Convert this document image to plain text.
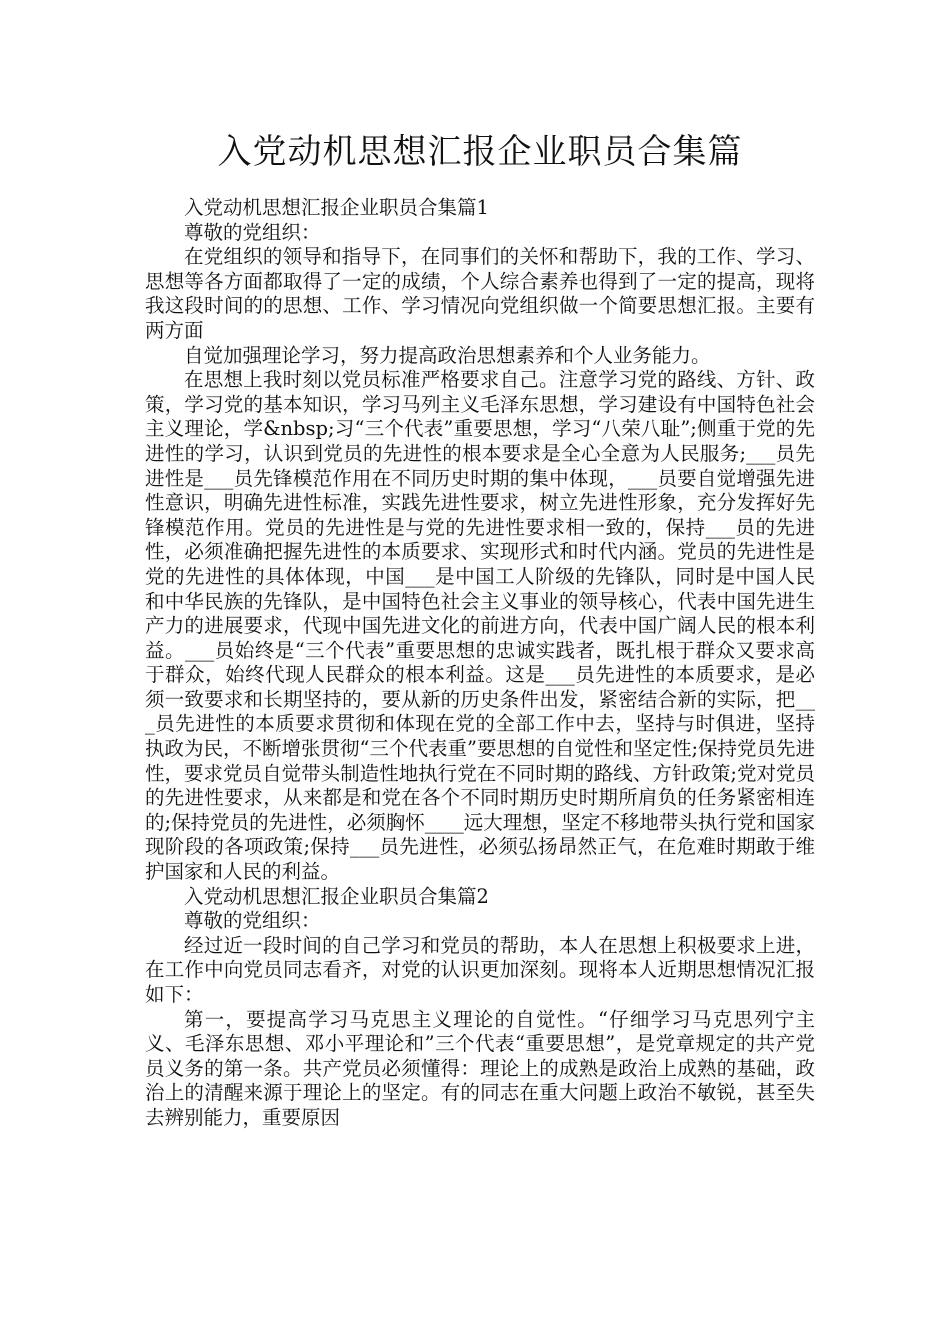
入党动机思想汇报企业职员合集篇

入党动机思想汇报企业职员合集篇1

尊敬的党组织：

在党组织的领导和指导下，在同事们的关怀和帮助下，我的工作、学习、思想等各方面都取得了一定的成绩，个人综合素养也得到了一定的提高，现将我这段时间的的思想、工作、学习情况向党组织做一个简要思想汇报。主要有两方面

自觉加强理论学习，努力提高政治思想素养和个人业务能力。

在思想上我时刻以党员标准严格要求自己。注意学习党的路线、方针、政策，学习党的基本知识，学习马列主义毛泽东思想，学习建设有中国特色社会主义理论，学&nbsp;习“三个代表”重要思想，学习“八荣八耻”;侧重于党的先进性的学习，认识到党员的先进性的根本要求是全心全意为人民服务;___员先进性是___员先锋模范作用在不同历史时期的集中体现，___员要自觉增强先进性意识，明确先进性标准，实践先进性要求，树立先进性形象，充分发挥好先锋模范作用。党员的先进性是与党的先进性要求相一致的，保持___员的先进性，必须准确把握先进性的本质要求、实现形式和时代内涵。党员的先进性是党的先进性的具体体现，中国___是中国工人阶级的先锋队，同时是中国人民和中华民族的先锋队，是中国特色社会主义事业的领导核心，代表中国先进生产力的进展要求，代现中国先进文化的前进方向，代表中国广阔人民的根本利益。___员始终是“三个代表”重要思想的忠诚实践者，既扎根于群众又要求高于群众，始终代现人民群众的根本利益。这是___员先进性的本质要求，是必须一致要求和长期坚持的，要从新的历史条件出发，紧密结合新的实际，把___员先进性的本质要求贯彻和体现在党的全部工作中去，坚持与时俱进，坚持执政为民，不断增张贯彻“三个代表重”要思想的自觉性和坚定性;保持党员先进性，要求党员自觉带头制造性地执行党在不同时期的路线、方针政策;党对党员的先进性要求，从来都是和党在各个不同时期历史时期所肩负的任务紧密相连的;保持党员的先进性，必须胸怀____远大理想，坚定不移地带头执行党和国家现阶段的各项政策;保持___员先进性，必须弘扬昂然正气，在危难时期敢于维护国家和人民的利益。

入党动机思想汇报企业职员合集篇2

尊敬的党组织：

经过近一段时间的自己学习和党员的帮助，本人在思想上积极要求上进，在工作中向党员同志看齐，对党的认识更加深刻。现将本人近期思想情况汇报如下：

第一，要提高学习马克思主义理论的自觉性。“仔细学习马克思列宁主义、毛泽东思想、邓小平理论和”三个代表“重要思想”，是党章规定的共产党员义务的第一条。共产党员必须懂得：理论上的成熟是政治上成熟的基础，政治上的清醒来源于理论上的坚定。有的同志在重大问题上政治不敏锐，甚至失去辨别能力，重要原因
